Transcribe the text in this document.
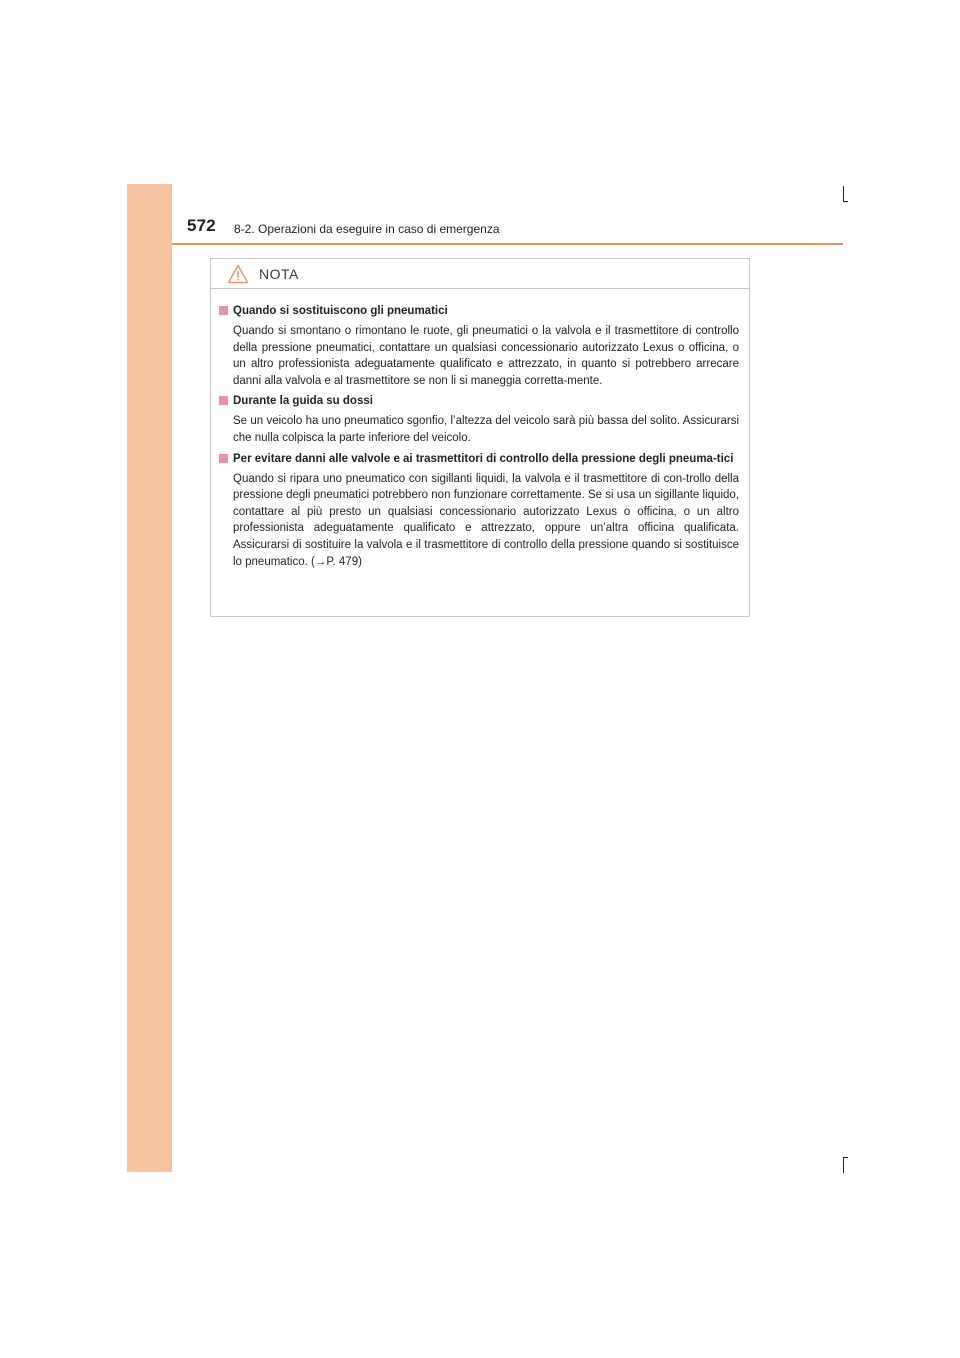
572 8-2. Operazioni da eseguire in caso di emergenza
NOTA
Quando si sostituiscono gli pneumatici
Quando si smontano o rimontano le ruote, gli pneumatici o la valvola e il trasmettitore di controllo della pressione pneumatici, contattare un qualsiasi concessionario autorizzato Lexus o officina, o un altro professionista adeguatamente qualificato e attrezzato, in quanto si potrebbero arrecare danni alla valvola e al trasmettitore se non li si maneggia corretta-mente.
Durante la guida su dossi
Se un veicolo ha uno pneumatico sgonfio, l’altezza del veicolo sarà più bassa del solito. Assicurarsi che nulla colpisca la parte inferiore del veicolo.
Per evitare danni alle valvole e ai trasmettitori di controllo della pressione degli pneuma-tici
Quando si ripara uno pneumatico con sigillanti liquidi, la valvola e il trasmettitore di con-trollo della pressione degli pneumatici potrebbero non funzionare correttamente. Se si usa un sigillante liquido, contattare al più presto un qualsiasi concessionario autorizzato Lexus o officina, o un altro professionista adeguatamente qualificato e attrezzato, oppure un’altra officina qualificata. Assicurarsi di sostituire la valvola e il trasmettitore di controllo della pressione quando si sostituisce lo pneumatico. (→P. 479)
